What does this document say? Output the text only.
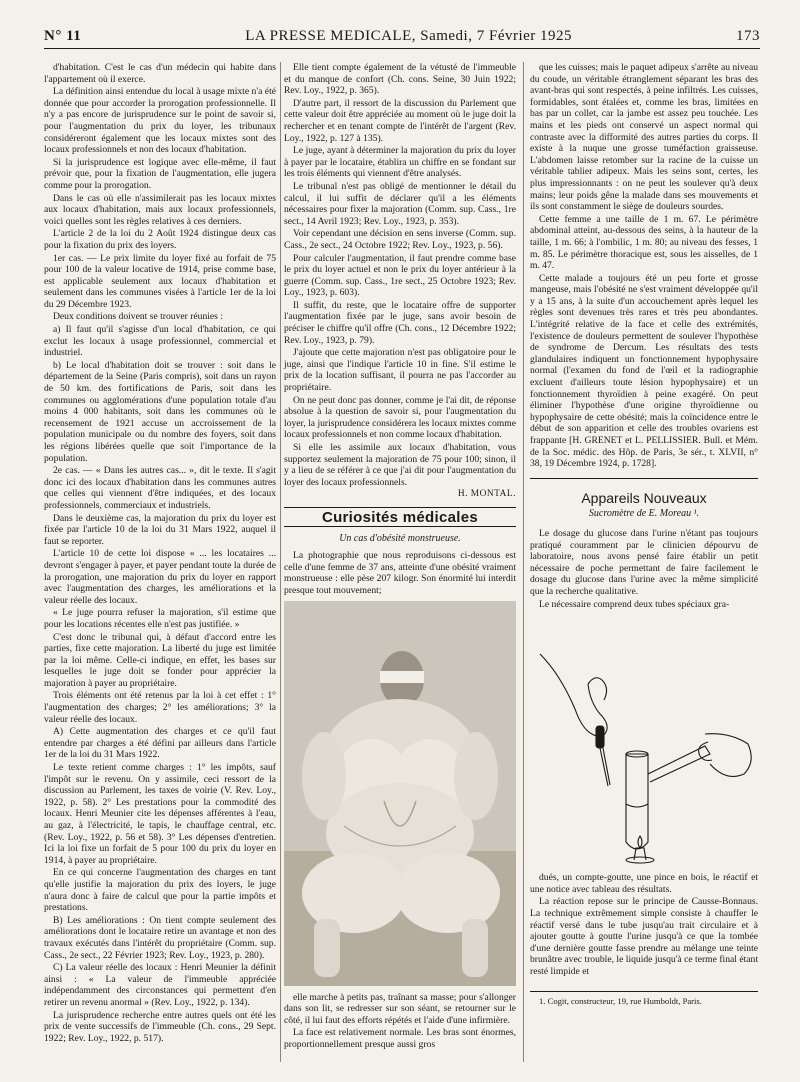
N° 11	LA PRESSE MEDICALE, Samedi, 7 Février 1925	173

d'habitation. C'est le cas d'un médecin qui habite dans l'appartement où il exerce.

La définition ainsi entendue du local à usage mixte n'a été donnée que pour accorder la prorogation professionnelle. Il n'y a pas encore de jurisprudence sur le point de savoir si, pour l'augmentation du prix du loyer, les tribunaux considéreront également que les locaux mixtes sont des locaux professionnels et non des locaux d'habitation.

Si la jurisprudence est logique avec elle-même, il faut prévoir que, pour la fixation de l'augmentation, elle jugera comme pour la prorogation.

Dans le cas où elle n'assimilerait pas les locaux mixtes aux locaux d'habitation, mais aux locaux professionnels, voici quelles sont les règles relatives à ces derniers.

L'article 2 de la loi du 2 Août 1924 distingue deux cas pour la fixation du prix des loyers.

1er cas. — Le prix limite du loyer fixé au forfait de 75 pour 100 de la valeur locative de 1914, prise comme base, est applicable seulement aux locaux d'habitation et seulement dans les communes visées à l'article 1er de la loi du 29 Décembre 1923.

Deux conditions doivent se trouver réunies :

a) Il faut qu'il s'agisse d'un local d'habitation, ce qui exclut les locaux à usage professionnel, commercial et industriel.

b) Le local d'habitation doit se trouver : soit dans le département de la Seine (Paris compris), soit dans un rayon de 50 km. des fortifications de Paris, soit dans les communes ou agglomérations d'une population totale d'au moins 4 000 habitants, soit dans les communes où le recensement de 1921 accuse un accroissement de la population municipale ou du nombre des foyers, soit dans les régions libérées quelle que soit l'importance de la population.

2e cas. — « Dans les autres cas... », dit le texte. Il s'agit donc ici des locaux d'habitation dans les communes autres que celles qui viennent d'être indiquées, et des locaux professionnels, commerciaux et industriels.

Dans le deuxième cas, la majoration du prix du loyer est fixée par l'article 10 de la loi du 31 Mars 1922, auquel il faut se reporter.

L'article 10 de cette loi dispose « ... les locataires ... devront s'engager à payer, et payer pendant toute la durée de la prorogation, une majoration du prix du loyer en rapport avec l'augmentation des charges, les améliorations et la valeur réelle des locaux.

« Le juge pourra refuser la majoration, s'il estime que pour les locations récentes elle n'est pas justifiée. »

C'est donc le tribunal qui, à défaut d'accord entre les parties, fixe cette majoration. La liberté du juge est limitée par la loi même. Celle-ci indique, en effet, les bases sur lesquelles le juge doit se fonder pour apprécier la majoration à payer au propriétaire.

Trois éléments ont été retenus par la loi à cet effet : 1° l'augmentation des charges; 2° les améliorations; 3° la valeur réelle des locaux.

A) Cette augmentation des charges et ce qu'il faut entendre par charges a été défini par ailleurs dans l'article 1er de la loi du 31 Mars 1922.

Le texte retient comme charges : 1° les impôts, sauf l'impôt sur le revenu. On y assimile, ceci ressort de la discussion au Parlement, les taxes de voirie (V. Rev. Loy., 1922, p. 58). 2° Les prestations pour la commodité des locaux. Henri Meunier cite les dépenses afférentes à l'eau, au gaz, à l'électricité, le tapis, le chauffage central, etc. (Rev. Loy., 1922, p. 56 et 58). 3° Les dépenses d'entretien. Ici la loi fixe un forfait de 5 pour 100 du prix du loyer en 1914, à payer au propriétaire.

En ce qui concerne l'augmentation des charges en tant qu'elle justifie la majoration du prix des loyers, le juge n'aura donc à faire de calcul que pour la partie impôts et prestations.

B) Les améliorations : On tient compte seulement des améliorations dont le locataire retire un avantage et non des travaux exécutés dans l'intérêt du propriétaire (Comm. sup. Cass., 2e sect., 22 Février 1923; Rev. Loy., 1923, p. 280).

C) La valeur réelle des locaux : Henri Meunier la définit ainsi : « La valeur de l'immeuble appréciée indépendamment des circonstances qui permettent d'en retirer un revenu anormal » (Rev. Loy., 1922, p. 134).

La jurisprudence recherche entre autres quels ont été les prix de vente successifs de l'immeuble (Ch. cons., 29 Sept. 1922; Rev. Loy., 1922, p. 517).

Elle tient compte également de la vétusté de l'immeuble et du manque de confort (Ch. cons. Seine, 30 Juin 1922; Rev. Loy., 1922, p. 365).

D'autre part, il ressort de la discussion du Parlement que cette valeur doit être appréciée au moment où le juge doit la rechercher et en tenant compte de l'intérêt de l'argent (Rev. Loy., 1922, p. 127 à 135).

Le juge, ayant à déterminer la majoration du prix du loyer à payer par le locataire, établira un chiffre en se fondant sur les trois éléments qui viennent d'être analysés.

Le tribunal n'est pas obligé de mentionner le détail du calcul, il lui suffit de déclarer qu'il a les éléments nécessaires pour fixer la majoration (Comm. sup. Cass., 1re sect., 14 Avril 1923; Rev. Loy., 1923, p. 353).

Voir cependant une décision en sens inverse (Comm. sup. Cass., 2e sect., 24 Octobre 1922; Rev. Loy., 1923, p. 56).

Pour calculer l'augmentation, il faut prendre comme base le prix du loyer actuel et non le prix du loyer antérieur à la guerre (Comm. sup. Cass., 1re sect., 25 Octobre 1923; Rev. Loy., 1923, p. 603).

Il suffit, du reste, que le locataire offre de supporter l'augmentation fixée par le juge, sans avoir besoin de préciser le chiffre qu'il offre (Ch. cons., 12 Décembre 1922; Rev. Loy., 1923, p. 79).

J'ajoute que cette majoration n'est pas obligatoire pour le juge, ainsi que l'indique l'article 10 in fine. S'il estime le prix de la location suffisant, il pourra ne pas l'accorder au propriétaire.

On ne peut donc pas donner, comme je l'ai dit, de réponse absolue à la question de savoir si, pour l'augmentation du loyer, la jurisprudence considérera les locaux mixtes comme locaux professionnels et non comme locaux d'habitation.

Si elle les assimile aux locaux d'habitation, vous supportez seulement la majoration de 75 pour 100; sinon, il y a lieu de se référer à ce que j'ai dit pour l'augmentation du loyer des locaux professionnels.

H. MONTAL.
Curiosités médicales
Un cas d'obésité monstrueuse.

La photographie que nous reproduisons ci-dessous est celle d'une femme de 37 ans, atteinte d'une obésité vraiment monstrueuse : elle pèse 207 kilogr. Son énormité lui interdit presque tout mouvement;

elle marche à petits pas, traînant sa masse; pour s'allonger dans son lit, se redresser sur son séant, se retourner sur le côté, il lui faut des efforts répétés et l'aide d'une infirmière.

La face est relativement normale. Les bras sont énormes, proportionnellement presque aussi gros

que les cuisses; mais le paquet adipeux s'arrête au niveau du coude, un véritable étranglement séparant les bras des avant-bras qui sont respectés, à peine infiltrés. Les cuisses, formidables, sont étalées et, comme les bras, limitées en bas par un collet, car la jambe est assez peu touchée. Les mains et les pieds ont conservé un aspect normal qui contraste avec la difformité des autres parties du corps. Il existe à la nuque une grosse tuméfaction graisseuse. L'abdomen laisse retomber sur la racine de la cuisse un véritable tablier adipeux. Mais les seins sont, certes, les plus impressionnants : on ne peut les soulever qu'à deux mains; leur poids gêne la malade dans ses mouvements et ils sont constamment le siège de douleurs sourdes.

Cette femme a une taille de 1 m. 67. Le périmètre abdominal atteint, au-dessous des seins, à la hauteur de la taille, 1 m. 66; à l'ombilic, 1 m. 80; au niveau des fesses, 1 m. 85. Le périmètre thoracique est, sous les aisselles, de 1 m. 47.

Cette malade a toujours été un peu forte et grosse mangeuse, mais l'obésité ne s'est vraiment développée qu'il y a 15 ans, à la suite d'un accouchement après lequel les règles sont devenues très rares et très peu abondantes. L'intégrité relative de la face et celle des extrémités, l'existence de douleurs permettent de soulever l'hypothèse de syndrome de Dercum. Les résultats des tests glandulaires indiquent un fonctionnement hypophysaire normal (l'examen du fond de l'œil et la radiographie excluent d'ailleurs toute lésion hypophysaire) et un fonctionnement thyroïdien à peine exagéré. On peut éliminer l'hypothèse d'une origine thyroïdienne ou hypophysaire de cette obésité; mais la coïncidence entre le début de son apparition et celle des troubles ovariens est frappante [H. GRENET et L. PELLISSIER. Bull. et Mém. de la Soc. médic. des Hôp. de Paris, 3e sér., t. XLVII, n° 38, 19 Décembre 1924, p. 1728].

Appareils Nouveaux
Sucromètre de E. Moreau ¹.

Le dosage du glucose dans l'urine n'étant pas toujours pratiqué couramment par le clinicien dépourvu de laboratoire, nous avons pensé faire établir un petit nécessaire de poche permettant de faire facilement le dosage du glucose dans l'urine avec la même simplicité que la recherche qualitative.

Le nécessaire comprend deux tubes spéciaux gra-

dués, un compte-goutte, une pince en bois, le réactif et une notice avec tableau des résultats.

La réaction repose sur le principe de Causse-Bonnaus. La technique extrêmement simple consiste à chauffer le réactif versé dans le tube jusqu'au trait circulaire et à ajouter goutte à goutte l'urine jusqu'à ce que la tombée d'une dernière goutte fasse prendre au mélange une teinte brunâtre avec trouble, le liquide jusqu'à ce terme final étant resté limpide et

1. Cogit, constructeur, 19, rue Humboldt, Paris.
